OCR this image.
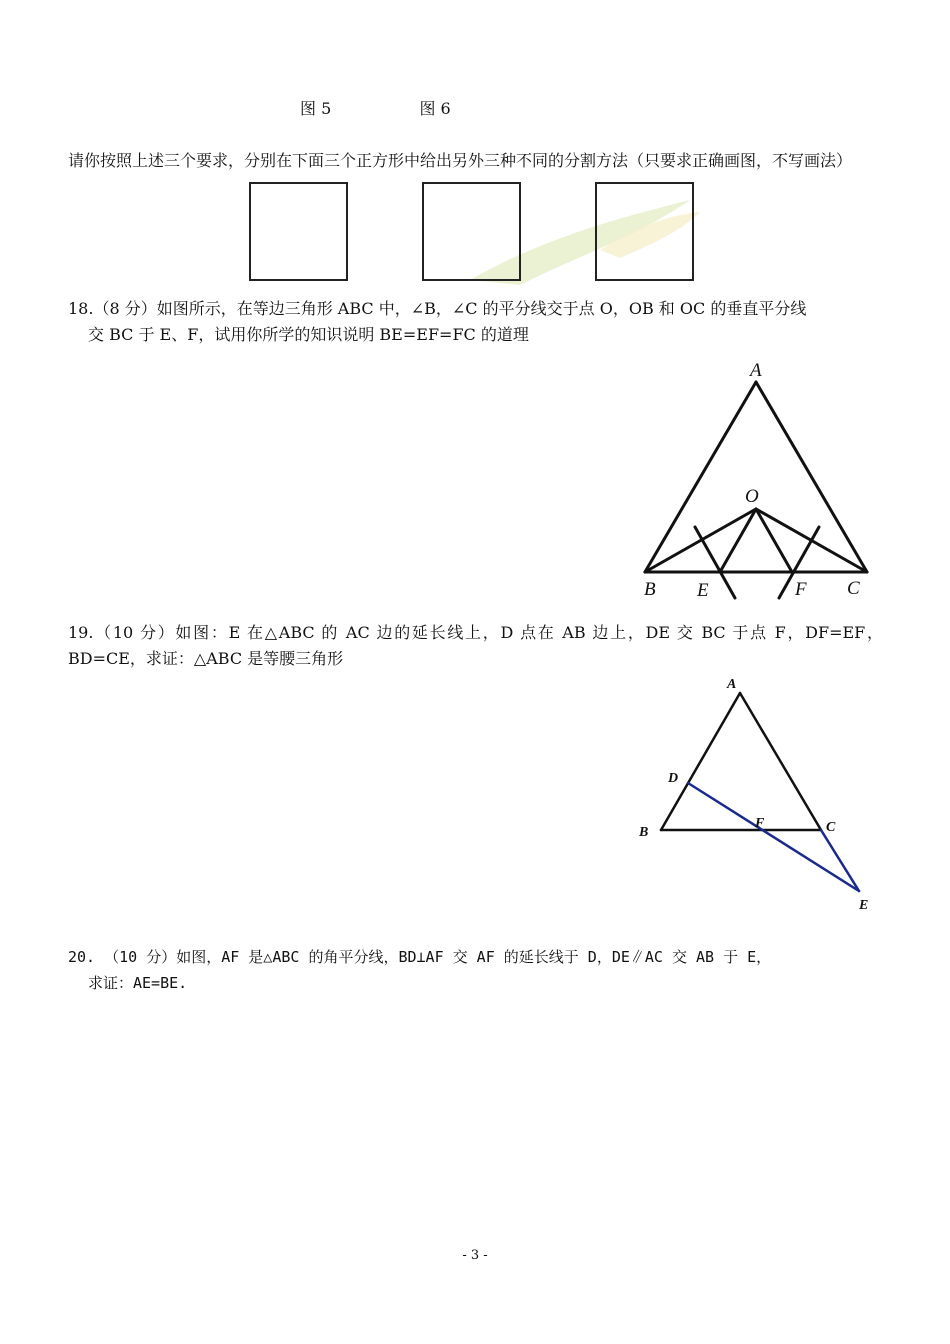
图 5	图 6
请你按照上述三个要求，分别在下面三个正方形中给出另外三种不同的分割方法（只要求正确画图，不写画法）
18.（8 分）如图所示，在等边三角形 ABC 中，∠B，∠C 的平分线交于点 O，OB 和 OC 的垂直平分线
交 BC 于 E、F，试用你所学的知识说明 BE=EF=FC 的道理
A
O
B E	F C
19.（10 分）如图：E 在△ABC 的 AC 边的延长线上，D 点在 AB 边上，DE 交 BC 于点 F，DF=EF，BD=CE，求证：△ABC 是等腰三角形
A
D
B
F	C
E
20. （10 分）如图，AF 是△ABC 的角平分线，BD⊥AF 交 AF 的延长线于 D，DE∥AC 交 AB 于 E，
求证：AE=BE.
- 3 -
